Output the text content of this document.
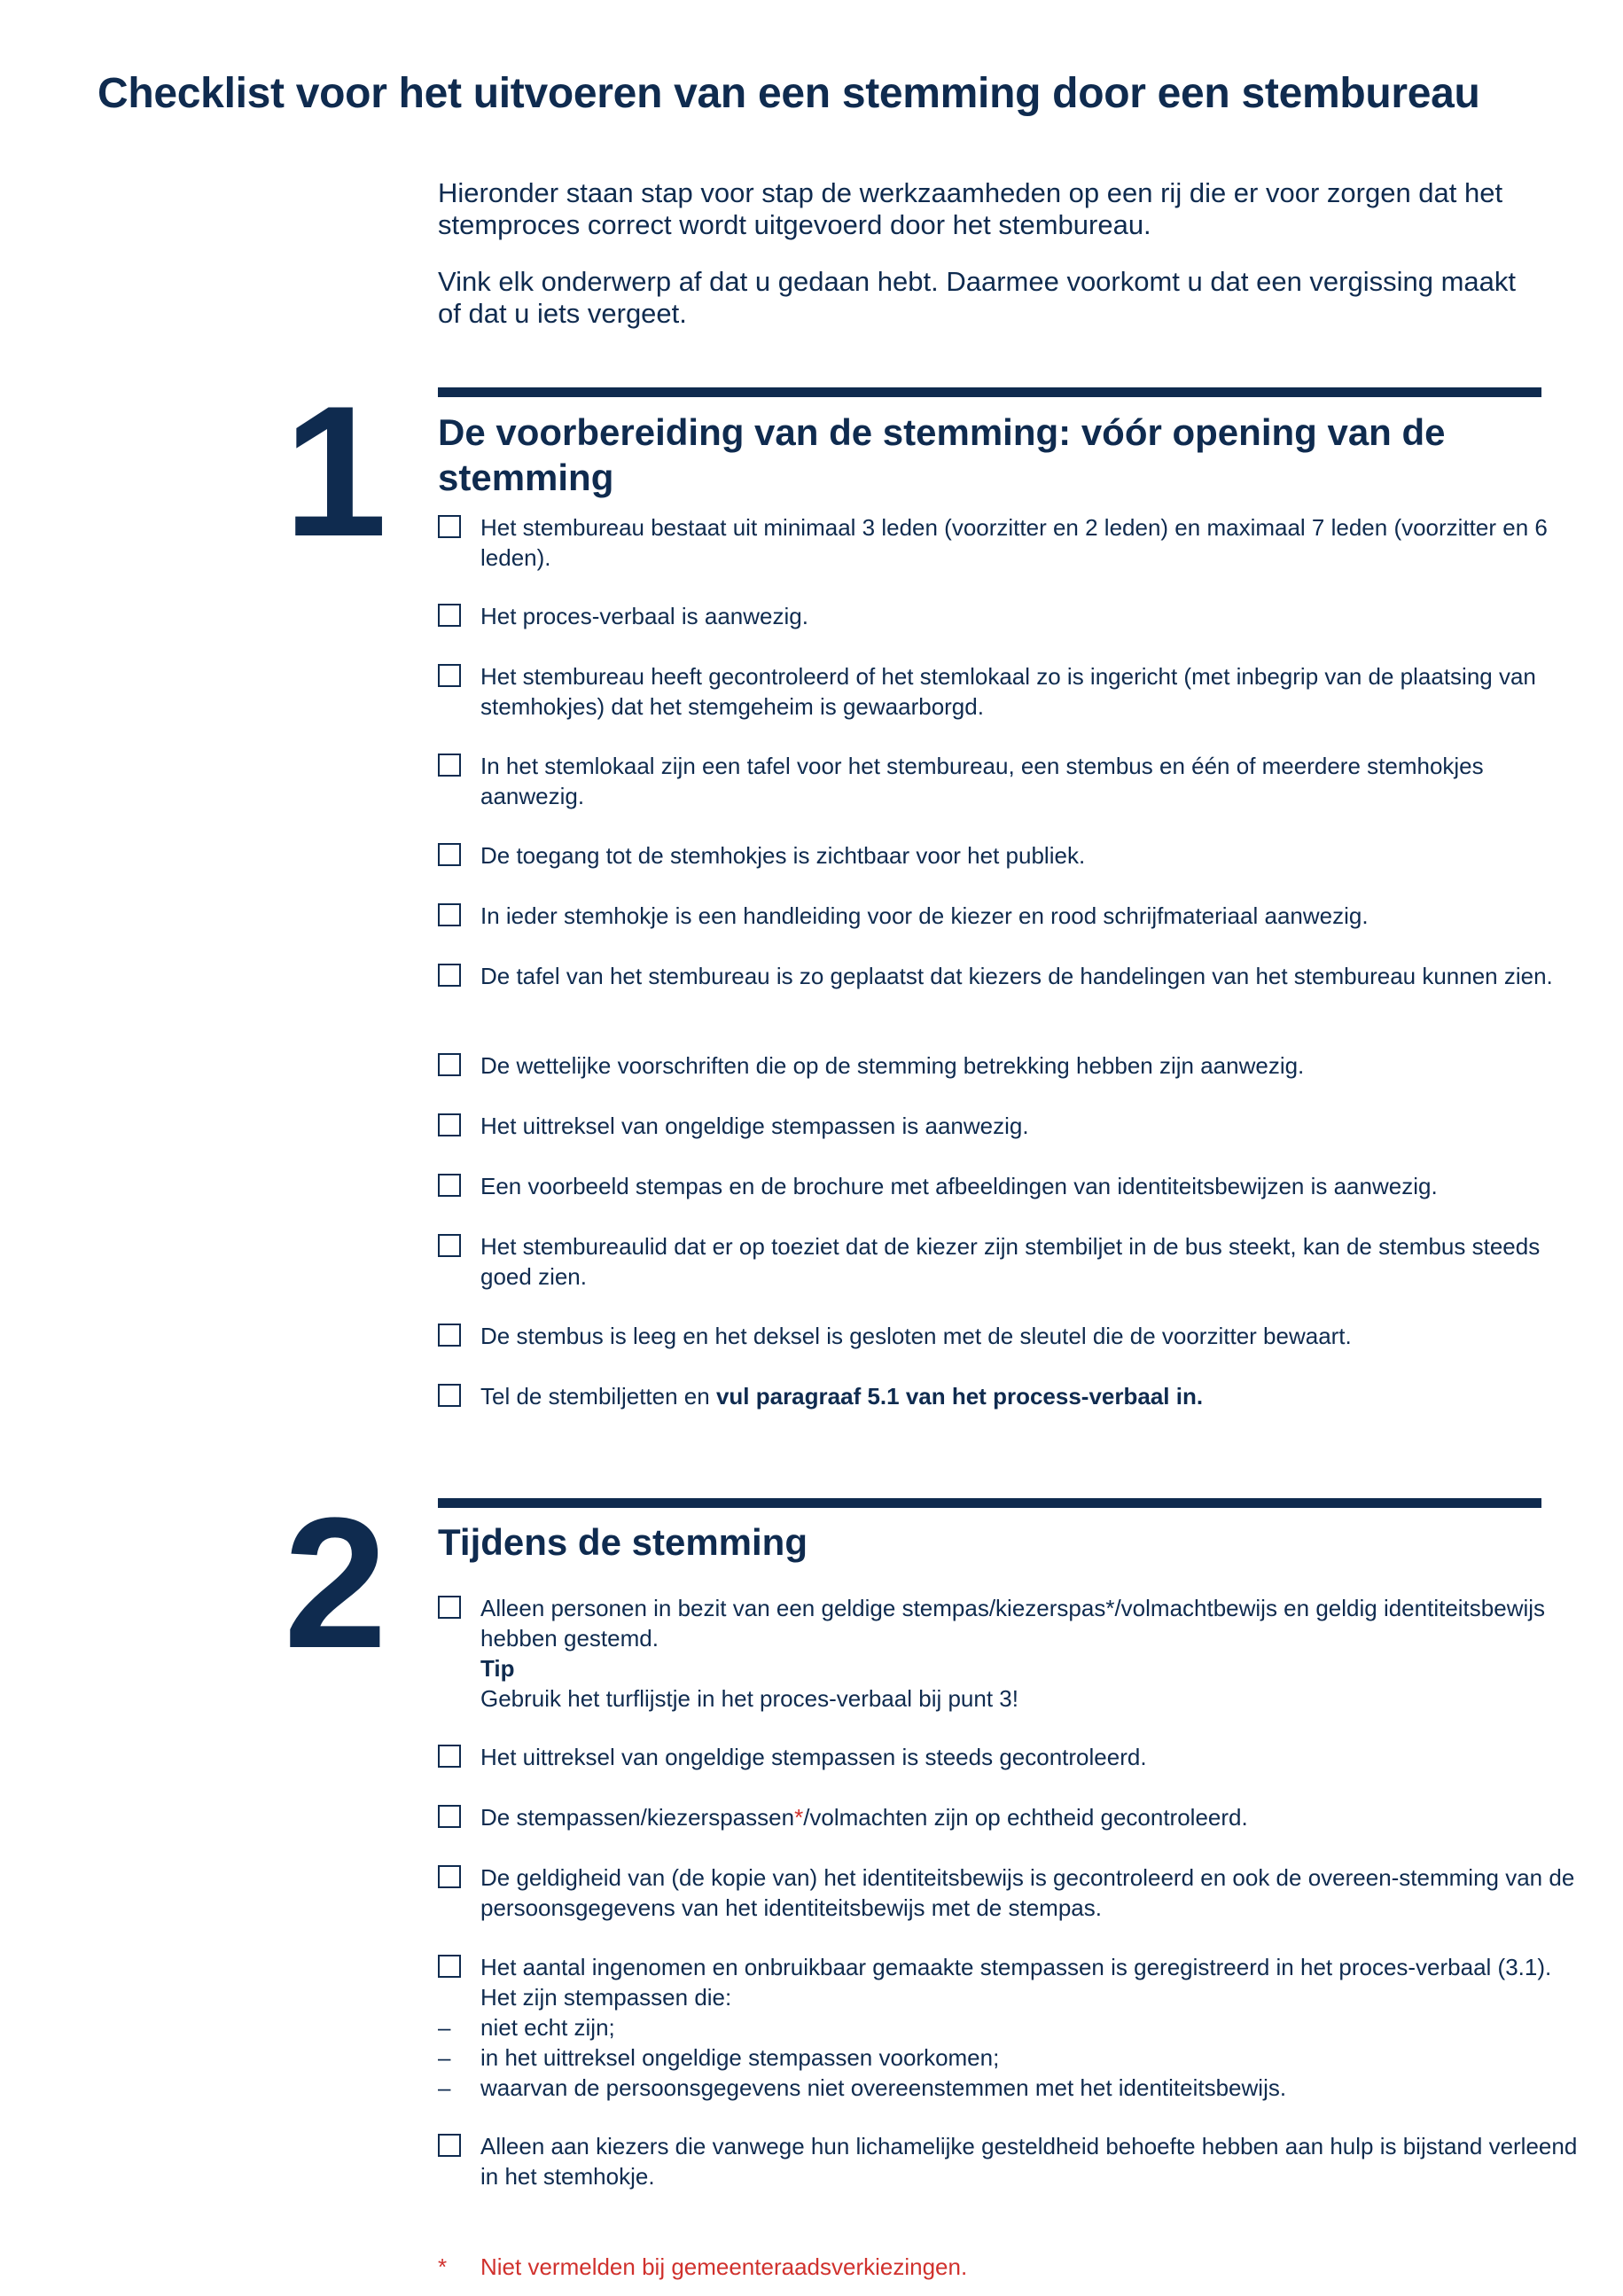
Checklist voor het uitvoeren van een stemming door een stembureau

Hieronder staan stap voor stap de werkzaamheden op een rij die er voor zorgen dat het stemproces correct wordt uitgevoerd door het stembureau.

Vink elk onderwerp af dat u gedaan hebt. Daarmee voorkomt u dat een vergissing maakt of dat u iets vergeet.

1 De voorbereiding van de stemming: vóór opening van de stemming
Het stembureau bestaat uit minimaal 3 leden (voorzitter en 2 leden) en maximaal 7 leden (voorzitter en 6 leden).
Het proces-verbaal is aanwezig.
Het stembureau heeft gecontroleerd of het stemlokaal zo is ingericht (met inbegrip van de plaatsing van stemhokjes) dat het stemgeheim is gewaarborgd.
In het stemlokaal zijn een tafel voor het stembureau, een stembus en één of meerdere stemhokjes aanwezig.
De toegang tot de stemhokjes is zichtbaar voor het publiek.
In ieder stemhokje is een handleiding voor de kiezer en rood schrijfmateriaal aanwezig.
De tafel van het stembureau is zo geplaatst dat kiezers de handelingen van het stembureau kunnen zien.
De wettelijke voorschriften die op de stemming betrekking hebben zijn aanwezig.
Het uittreksel van ongeldige stempassen is aanwezig.
Een voorbeeld stempas en de brochure met afbeeldingen van identiteitsbewijzen is aanwezig.
Het stembureaulid dat er op toeziet dat de kiezer zijn stembiljet in de bus steekt, kan de stembus steeds goed zien.
De stembus is leeg en het deksel is gesloten met de sleutel die de voorzitter bewaart.
Tel de stembiljetten en vul paragraaf 5.1 van het process-verbaal in.
2 Tijdens de stemming
Alleen personen in bezit van een geldige stempas/kiezerspas*/volmachtbewijs en geldig identiteitsbewijs hebben gestemd.
Tip
Gebruik het turflijstje in het proces-verbaal bij punt 3!
Het uittreksel van ongeldige stempassen is steeds gecontroleerd.
De stempassen/kiezerspassen*/volmachten zijn op echtheid gecontroleerd.
De geldigheid van (de kopie van) het identiteitsbewijs is gecontroleerd en ook de overeen-stemming van de persoonsgegevens van het identiteitsbewijs met de stempas.
Het aantal ingenomen en onbruikbaar gemaakte stempassen is geregistreerd in het proces-verbaal (3.1). Het zijn stempassen die:
– niet echt zijn;
– in het uittreksel ongeldige stempassen voorkomen;
– waarvan de persoonsgegevens niet overeenstemmen met het identiteitsbewijs.
Alleen aan kiezers die vanwege hun lichamelijke gesteldheid behoefte hebben aan hulp is bijstand verleend in het stemhokje.
* Niet vermelden bij gemeenteraadsverkiezingen.
